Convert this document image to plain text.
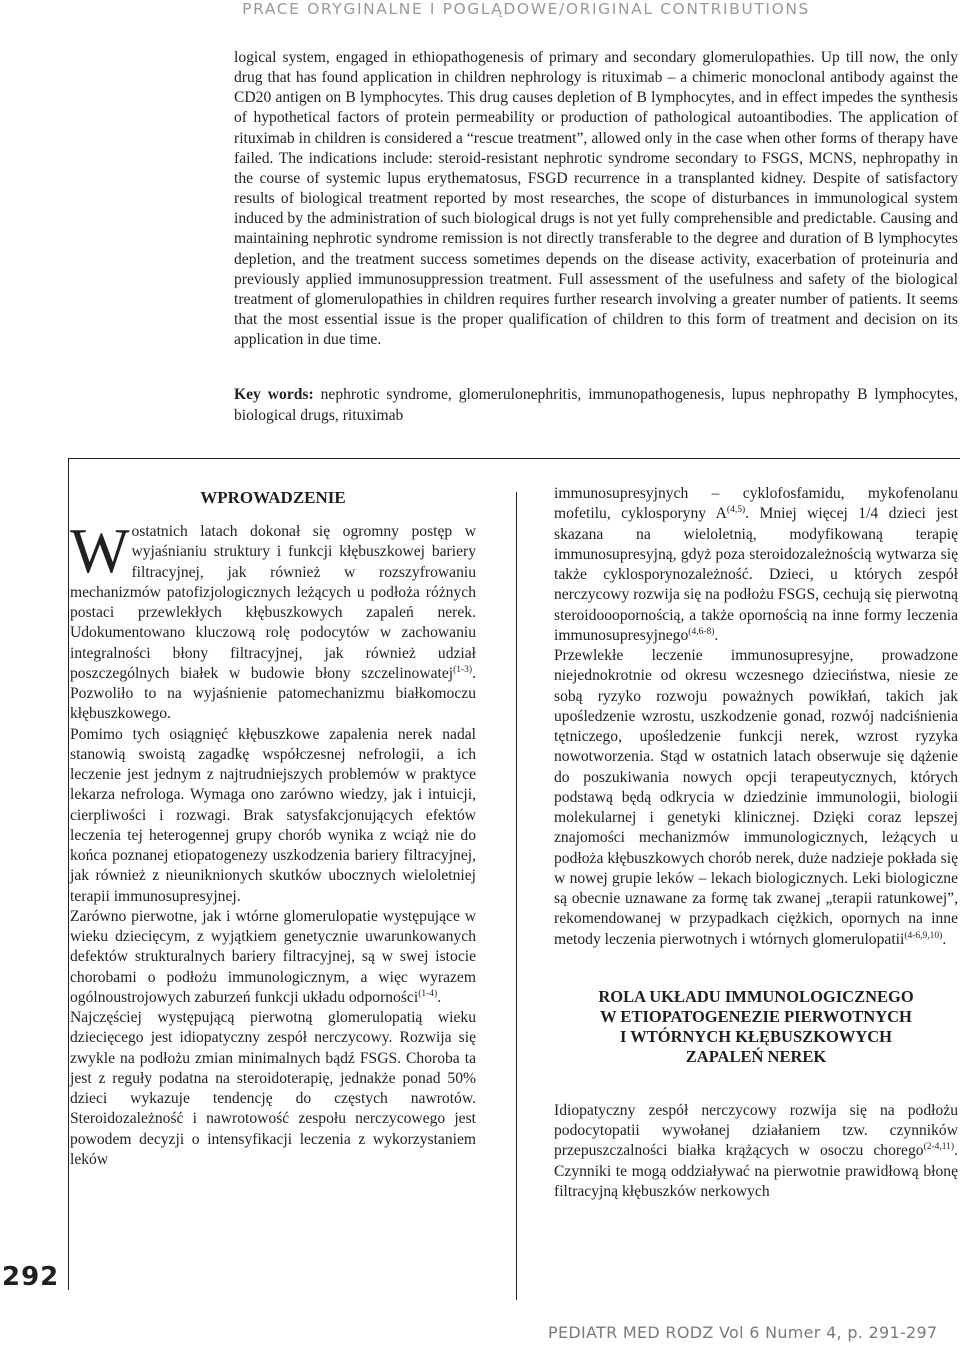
PRACE ORYGINALNE I POGLĄDOWE/ORIGINAL CONTRIBUTIONS

logical system, engaged in ethiopathogenesis of primary and secondary glomerulopathies. Up till now, the only drug that has found application in children nephrology is rituximab – a chimeric monoclonal antibody against the CD20 antigen on B lymphocytes. This drug causes depletion of B lymphocytes, and in effect impedes the synthesis of hypothetical factors of protein permeability or production of pathological autoantibodies. The application of rituximab in children is considered a “rescue treatment”, allowed only in the case when other forms of therapy have failed. The indications include: steroid-resistant nephrotic syndrome secondary to FSGS, MCNS, nephropathy in the course of systemic lupus erythematosus, FSGD recurrence in a transplanted kidney. Despite of satisfactory results of biological treatment reported by most researches, the scope of disturbances in immunological system induced by the administration of such biological drugs is not yet fully comprehensible and predictable. Causing and maintaining nephrotic syndrome remission is not directly transferable to the degree and duration of B lymphocytes depletion, and the treatment success sometimes depends on the disease activity, exacerbation of proteinuria and previously applied immunosuppression treatment. Full assessment of the usefulness and safety of the biological treatment of glomerulopathies in children requires further research involving a greater number of patients. It seems that the most essential issue is the proper qualification of children to this form of treatment and decision on its application in due time.

Key words: nephrotic syndrome, glomerulonephritis, immunopathogenesis, lupus nephropathy B lymphocytes, biological drugs, rituximab

292
WPROWADZENIE

Wostatnich latach dokonał się ogromny postęp w wyjaśnianiu struktury i funkcji kłębuszkowej bariery filtracyjnej, jak również w rozszyfrowaniu mechanizmów patofizjologicznych leżących u podłoża różnych postaci przewlekłych kłębuszkowych zapaleń nerek. Udokumentowano kluczową rolę podocytów w zachowaniu integralności błony filtracyjnej, jak również udział poszczególnych białek w budowie błony szczelinowatej$^{(1-3)}$. Pozwoliło to na wyjaśnienie patomechanizmu białkomoczu kłębuszkowego.

Pomimo tych osiągnięć kłębuszkowe zapalenia nerek nadal stanowią swoistą zagadkę współczesnej nefrologii, a ich leczenie jest jednym z najtrudniejszych problemów w praktyce lekarza nefrologa. Wymaga ono zarówno wiedzy, jak i intuicji, cierpliwości i rozwagi. Brak satysfakcjonujących efektów leczenia tej heterogennej grupy chorób wynika z wciąż nie do końca poznanej etiopatogenezy uszkodzenia bariery filtracyjnej, jak również z nieuniknionych skutków ubocznych wieloletniej terapii immunosupresyjnej.

Zarówno pierwotne, jak i wtórne glomerulopatie występujące w wieku dziecięcym, z wyjątkiem genetycznie uwarunkowanych defektów strukturalnych bariery filtracyjnej, są w swej istocie chorobami o podłożu immunologicznym, a więc wyrazem ogólnoustrojowych zaburzeń funkcji układu odporności$^{(1-4)}$.

Najczęściej występującą pierwotną glomerulopatią wieku dziecięcego jest idiopatyczny zespół nerczycowy. Rozwija się zwykle na podłożu zmian minimalnych bądź FSGS. Choroba ta jest z reguły podatna na steroidoterapię, jednakże ponad 50% dzieci wykazuje tendencję do częstych nawrotów. Steroidozależność i nawrotowość zespołu nerczycowego jest powodem decyzji o intensyfikacji leczenia z wykorzystaniem leków

immunosupresyjnych – cyklofosfamidu, mykofenolanu mofetilu, cyklosporyny A$^{(4,5)}$. Mniej więcej 1/4 dzieci jest skazana na wieloletnią, modyfikowaną terapię immunosupresyjną, gdyż poza steroidozależnością wytwarza się także cyklosporynozależność. Dzieci, u których zespół nerczycowy rozwija się na podłożu FSGS, cechują się pierwotną steroidooopornością, a także opornością na inne formy leczenia immunosupresyjnego$^{(4,6-8)}$.

Przewlekłe leczenie immunosupresyjne, prowadzone niejednokrotnie od okresu wczesnego dzieciństwa, niesie ze sobą ryzyko rozwoju poważnych powikłań, takich jak upośledzenie wzrostu, uszkodzenie gonad, rozwój nadciśnienia tętniczego, upośledzenie funkcji nerek, wzrost ryzyka nowotworzenia. Stąd w ostatnich latach obserwuje się dążenie do poszukiwania nowych opcji terapeutycznych, których podstawą będą odkrycia w dziedzinie immunologii, biologii molekularnej i genetyki klinicznej. Dzięki coraz lepszej znajomości mechanizmów immunologicznych, leżących u podłoża kłębuszkowych chorób nerek, duże nadzieje pokłada się w nowej grupie leków – lekach biologicznych. Leki biologiczne są obecnie uznawane za formę tak zwanej „terapii ratunkowej”, rekomendowanej w przypadkach ciężkich, opornych na inne metody leczenia pierwotnych i wtórnych glomerulopatii$^{(4-6,9,10)}$.

ROLA UKŁADU IMMUNOLOGICZNEGO
W ETIOPATOGENEZIE PIERWOTNYCH
I WTÓRNYCH KŁĘBUSZKOWYCH
ZAPALEŃ NEREK

Idiopatyczny zespół nerczycowy rozwija się na podłożu podocytopatii wywołanej działaniem tzw. czynników przepuszczalności białka krążących w osoczu chorego$^{(2-4,11)}$. Czynniki te mogą oddziaływać na pierwotnie prawidłową błonę filtracyjną kłębuszków nerkowych

PEDIATR MED RODZ Vol 6 Numer 4, p. 291-297
